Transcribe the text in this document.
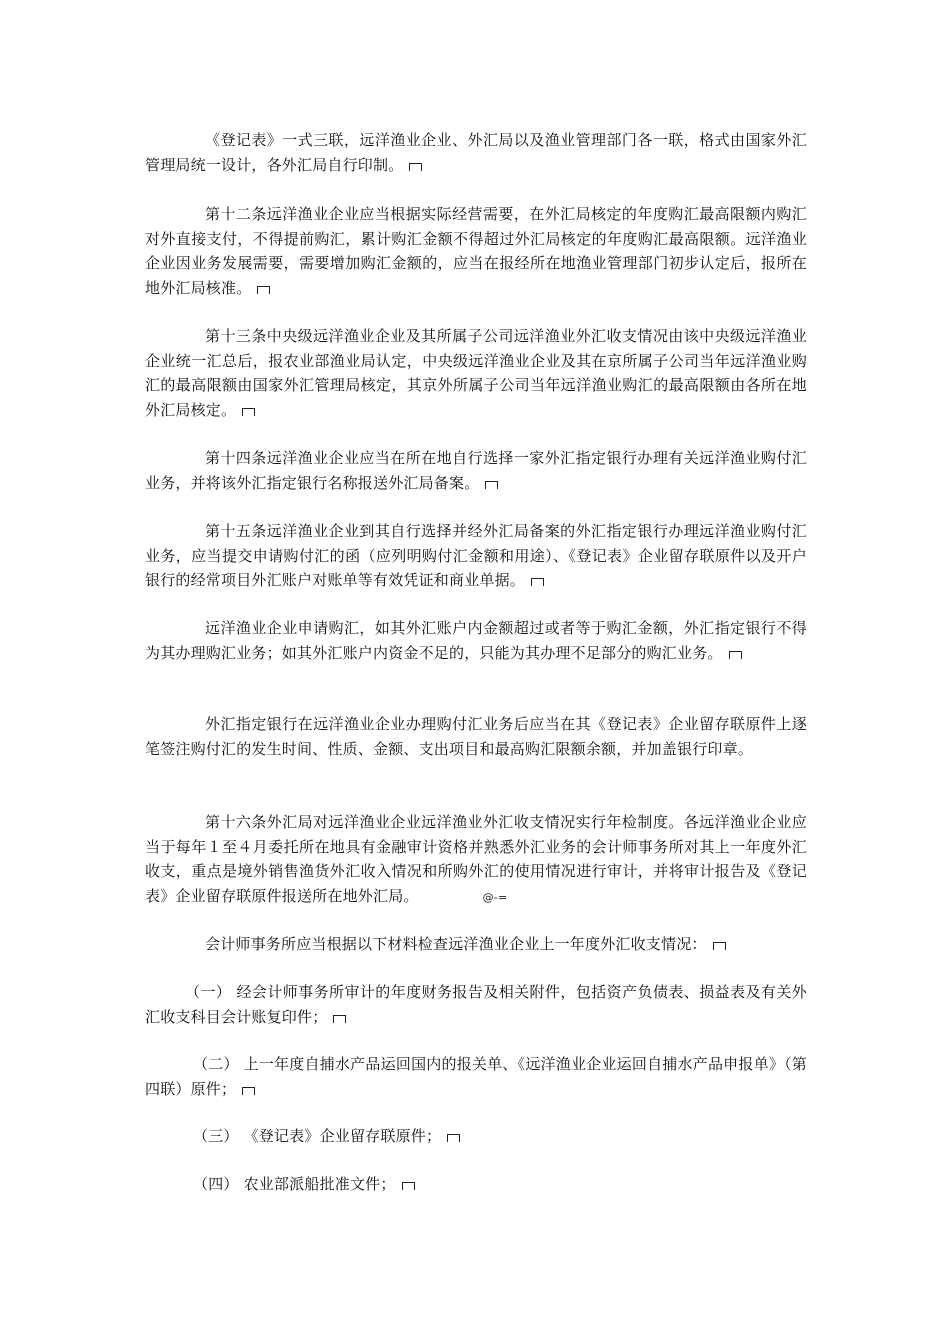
《登记表》一式三联，远洋渔业企业、外汇局以及渔业管理部门各一联，格式由国家外汇管理局统一设计，各外汇局自行印制。

第十二条远洋渔业企业应当根据实际经营需要，在外汇局核定的年度购汇最高限额内购汇对外直接支付，不得提前购汇，累计购汇金额不得超过外汇局核定的年度购汇最高限额。远洋渔业企业因业务发展需要，需要增加购汇金额的，应当在报经所在地渔业管理部门初步认定后，报所在地外汇局核准。

第十三条中央级远洋渔业企业及其所属子公司远洋渔业外汇收支情况由该中央级远洋渔业企业统一汇总后，报农业部渔业局认定，中央级远洋渔业企业及其在京所属子公司当年远洋渔业购汇的最高限额由国家外汇管理局核定，其京外所属子公司当年远洋渔业购汇的最高限额由各所在地外汇局核定。

第十四条远洋渔业企业应当在所在地自行选择一家外汇指定银行办理有关远洋渔业购付汇业务，并将该外汇指定银行名称报送外汇局备案。

第十五条远洋渔业企业到其自行选择并经外汇局备案的外汇指定银行办理远洋渔业购付汇业务，应当提交申请购付汇的函（应列明购付汇金额和用途）、《登记表》企业留存联原件以及开户银行的经常项目外汇账户对账单等有效凭证和商业单据。

远洋渔业企业申请购汇，如其外汇账户内金额超过或者等于购汇金额，外汇指定银行不得为其办理购汇业务；如其外汇账户内资金不足的，只能为其办理不足部分的购汇业务。

外汇指定银行在远洋渔业企业办理购付汇业务后应当在其《登记表》企业留存联原件上逐笔签注购付汇的发生时间、性质、金额、支出项目和最高购汇限额余额，并加盖银行印章。

第十六条外汇局对远洋渔业企业远洋渔业外汇收支情况实行年检制度。各远洋渔业企业应当于每年１至４月委托所在地具有金融审计资格并熟悉外汇业务的会计师事务所对其上一年度外汇收支，重点是境外销售渔货外汇收入情况和所购外汇的使用情况进行审计，并将审计报告及《登记表》企业留存联原件报送所在地外汇局。	@-=

会计师事务所应当根据以下材料检查远洋渔业企业上一年度外汇收支情况：

（一） 经会计师事务所审计的年度财务报告及相关附件，包括资产负债表、损益表及有关外汇收支科目会计账复印件；

（二） 上一年度自捕水产品运回国内的报关单、《远洋渔业企业运回自捕水产品申报单》（第四联）原件；

（三） 《登记表》企业留存联原件；

（四） 农业部派船批准文件；
